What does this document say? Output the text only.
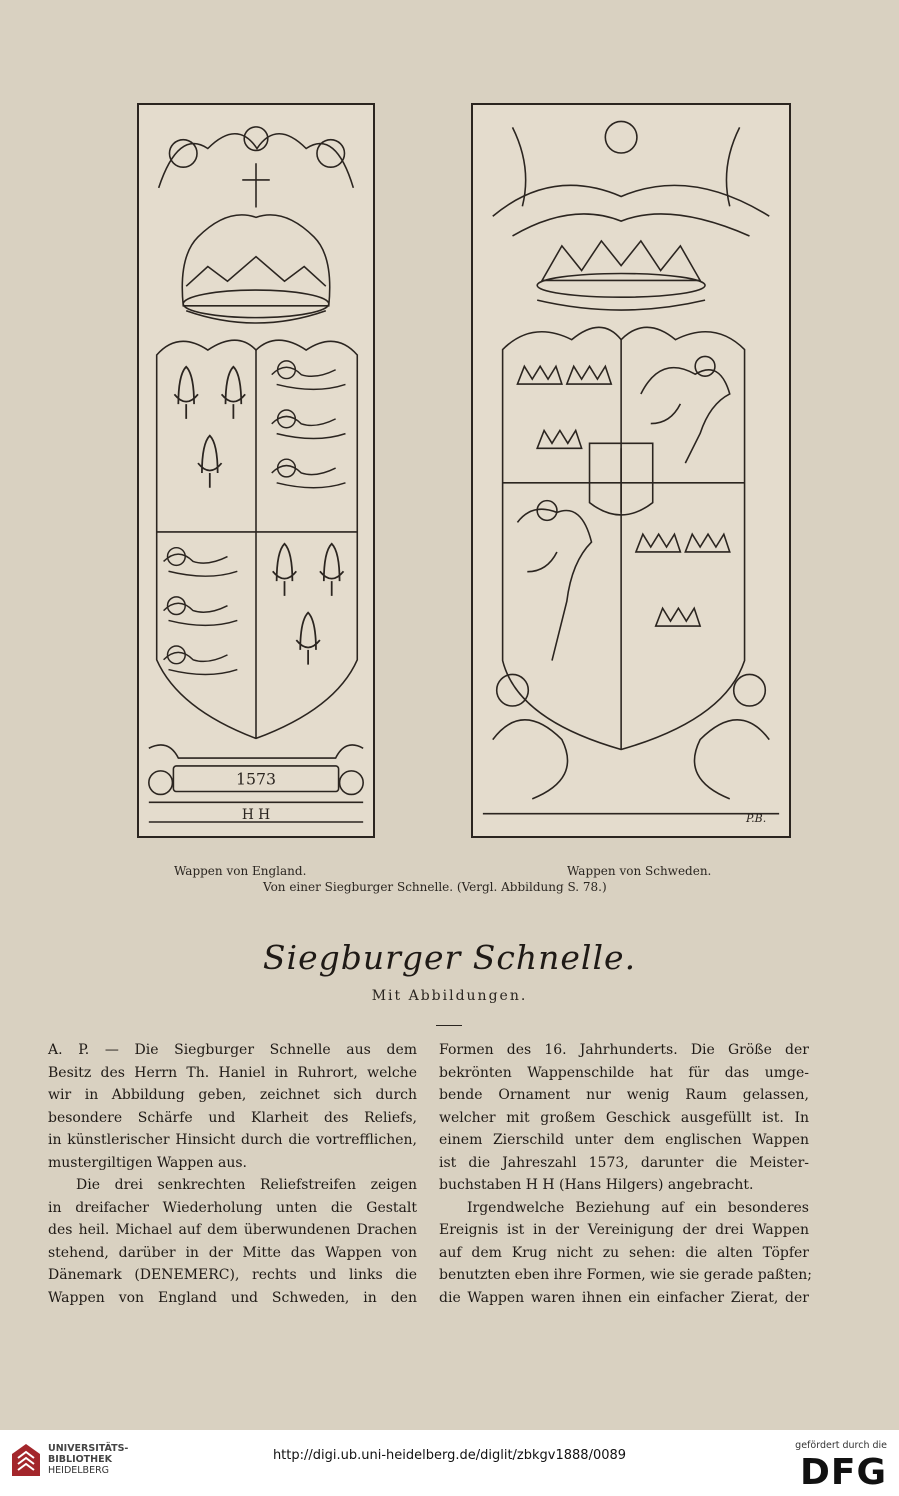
1573
H H	P.B.
Wappen von England.	Wappen von Schweden.
Von einer Siegburger Schnelle. (Vergl. Abbildung S. 78.)
Siegburger Schnelle.
Mit Abbildungen.
A. P. — Die Siegburger Schnelle aus dem
Besitz des Herrn Th. Haniel in Ruhrort, welche
wir in Abbildung geben, zeichnet sich durch
besondere Schärfe und Klarheit des Reliefs,
in künstlerischer Hinsicht durch die vortrefflichen,
mustergiltigen Wappen aus.
Die drei senkrechten Reliefstreifen zeigen
in dreifacher Wiederholung unten die Gestalt
des heil. Michael auf dem überwundenen Drachen
stehend, darüber in der Mitte das Wappen von
Dänemark (DENEMERC), rechts und links die
Wappen von England und Schweden, in den
Formen des 16. Jahrhunderts. Die Größe der
bekrönten Wappenschilde hat für das umge-
bende Ornament nur wenig Raum gelassen,
welcher mit großem Geschick ausgefüllt ist. In
einem Zierschild unter dem englischen Wappen
ist die Jahreszahl 1573, darunter die Meister-
buchstaben H H (Hans Hilgers) angebracht.
Irgendwelche Beziehung auf ein besonderes
Ereignis ist in der Vereinigung der drei Wappen
auf dem Krug nicht zu sehen: die alten Töpfer
benutzten eben ihre Formen, wie sie gerade paßten;
die Wappen waren ihnen ein einfacher Zierat, der
UNIVERSITÄTS-
BIBLIOTHEK
HEIDELBERG
http://digi.ub.uni-heidelberg.de/diglit/zbkgv1888/0089
gefördert durch die
DFG
